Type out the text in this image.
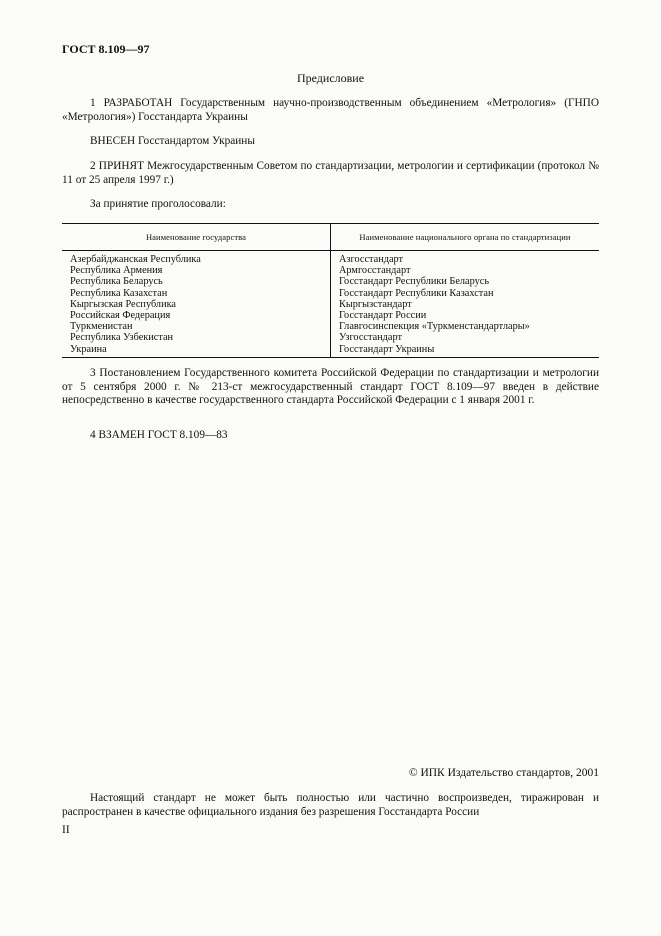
ГОСТ 8.109—97
Предисловие

1 РАЗРАБОТАН Государственным научно-производственным объединением «Метрология» (ГНПО «Метрология») Госстандарта Украины

ВНЕСЕН Госстандартом Украины

2 ПРИНЯТ Межгосударственным Советом по стандартизации, метрологии и сертификации (протокол № 11 от 25 апреля 1997 г.)

За принятие проголосовали:

Наименование государства	Наименование национального органа по стандартизации
Азербайджанская Республика
Республика Армения
Республика Беларусь
Республика Казахстан
Кыргызская Республика
Российская Федерация
Туркменистан
Республика Узбекистан
Украина
Азгосстандарт
Армгосстандарт
Госстандарт Республики Беларусь
Госстандарт Республики Казахстан
Кыргызстандарт
Госстандарт России
Главгосинспекция «Туркменстандартлары»
Узгосстандарт
Госстандарт Украины

3 Постановлением Государственного комитета Российской Федерации по стандартизации и метрологии от 5 сентября 2000 г. № 213-ст межгосударственный стандарт ГОСТ 8.109—97 введен в действие непосредственно в качестве государственного стандарта Российской Федерации с 1 января 2001 г.

4 ВЗАМЕН ГОСТ 8.109—83

© ИПК Издательство стандартов, 2001

Настоящий стандарт не может быть полностью или частично воспроизведен, тиражирован и распространен в качестве официального издания без разрешения Госстандарта России

II
